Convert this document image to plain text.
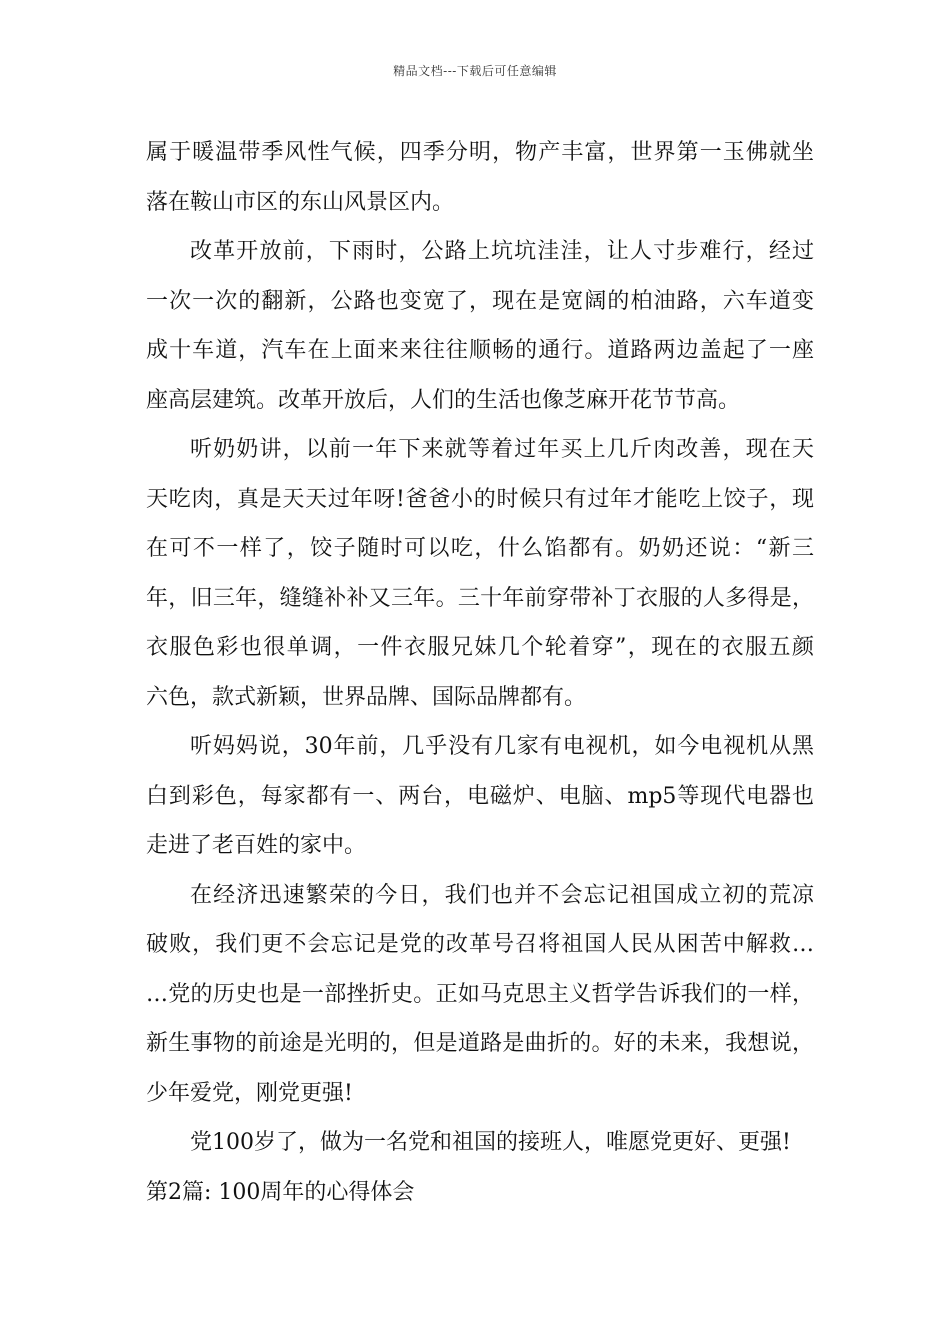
精品文档---下载后可任意编辑
属于暖温带季风性气候，四季分明，物产丰富，世界第一玉佛就坐
落在鞍山市区的东山风景区内。
改革开放前，下雨时，公路上坑坑洼洼，让人寸步难行，经过
一次一次的翻新，公路也变宽了，现在是宽阔的柏油路，六车道变
成十车道，汽车在上面来来往往顺畅的通行。道路两边盖起了一座
座高层建筑。改革开放后，人们的生活也像芝麻开花节节高。
听奶奶讲，以前一年下来就等着过年买上几斤肉改善，现在天
天吃肉，真是天天过年呀!爸爸小的时候只有过年才能吃上饺子，现
在可不一样了，饺子随时可以吃，什么馅都有。奶奶还说：“新三
年，旧三年，缝缝补补又三年。三十年前穿带补丁衣服的人多得是，
衣服色彩也很单调，一件衣服兄妹几个轮着穿”，现在的衣服五颜
六色，款式新颖，世界品牌、国际品牌都有。
听妈妈说，30年前，几乎没有几家有电视机，如今电视机从黑
白到彩色，每家都有一、两台，电磁炉、电脑、mp5等现代电器也
走进了老百姓的家中。
在经济迅速繁荣的今日，我们也并不会忘记祖国成立初的荒凉
破败，我们更不会忘记是党的改革号召将祖国人民从困苦中解救…
…党的历史也是一部挫折史。正如马克思主义哲学告诉我们的一样，
新生事物的前途是光明的，但是道路是曲折的。好的未来，我想说，
少年爱党，刚党更强!
党100岁了，做为一名党和祖国的接班人，唯愿党更好、更强!
第2篇: 100周年的心得体会
